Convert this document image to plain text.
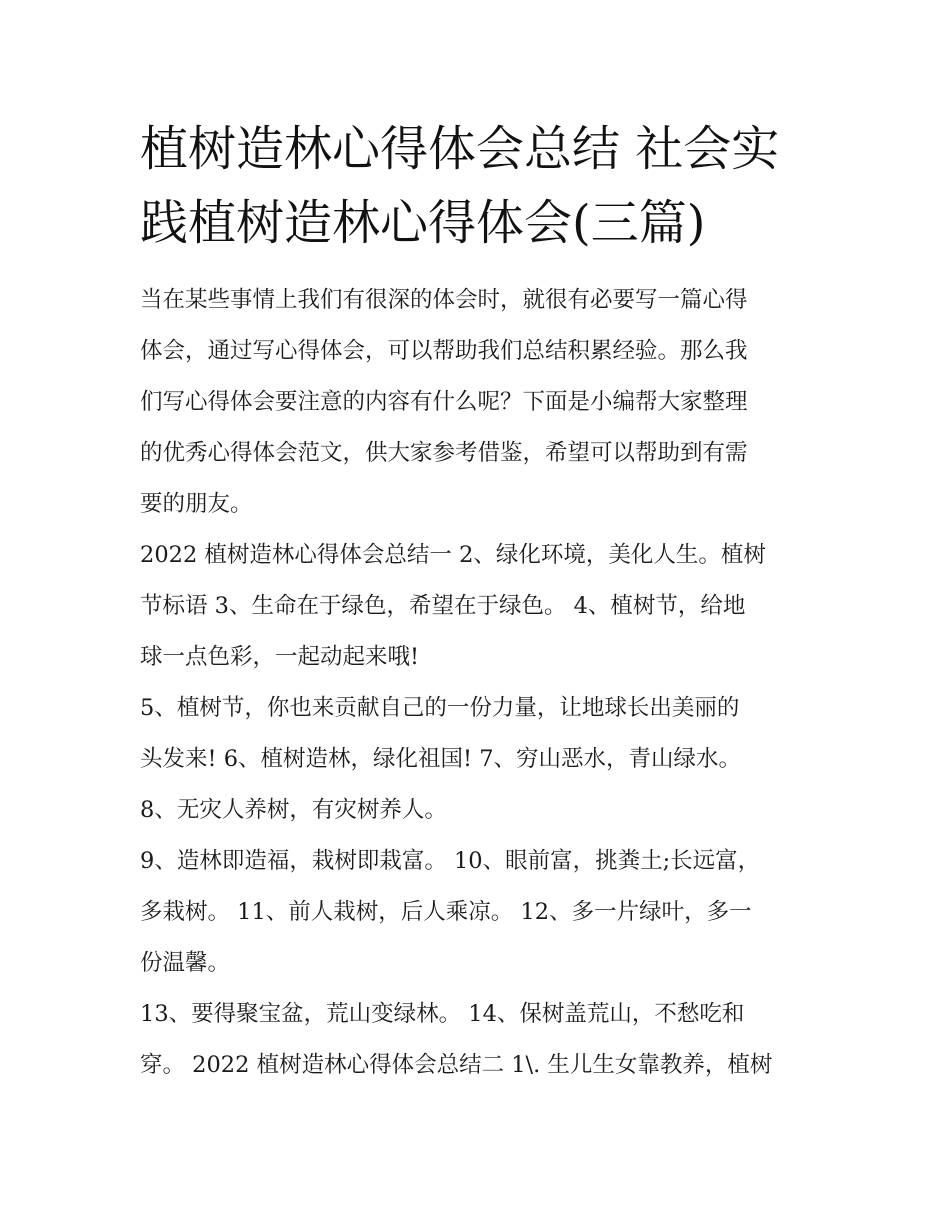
植树造林心得体会总结 社会实
践植树造林心得体会(三篇)
当在某些事情上我们有很深的体会时，就很有必要写一篇心得
体会，通过写心得体会，可以帮助我们总结积累经验。那么我
们写心得体会要注意的内容有什么呢？下面是小编帮大家整理
的优秀心得体会范文，供大家参考借鉴，希望可以帮助到有需
要的朋友。
2022 植树造林心得体会总结一 2、绿化环境，美化人生。植树
节标语 3、生命在于绿色，希望在于绿色。 4、植树节，给地
球一点色彩，一起动起来哦!
5、植树节，你也来贡献自己的一份力量，让地球长出美丽的
头发来! 6、植树造林，绿化祖国! 7、穷山恶水，青山绿水。
8、无灾人养树，有灾树养人。
9、造林即造福，栽树即栽富。 10、眼前富，挑粪土;长远富，
多栽树。 11、前人栽树，后人乘凉。 12、多一片绿叶，多一
份温馨。
13、要得聚宝盆，荒山变绿林。 14、保树盖荒山，不愁吃和
穿。 2022 植树造林心得体会总结二 1\. 生儿生女靠教养，植树
